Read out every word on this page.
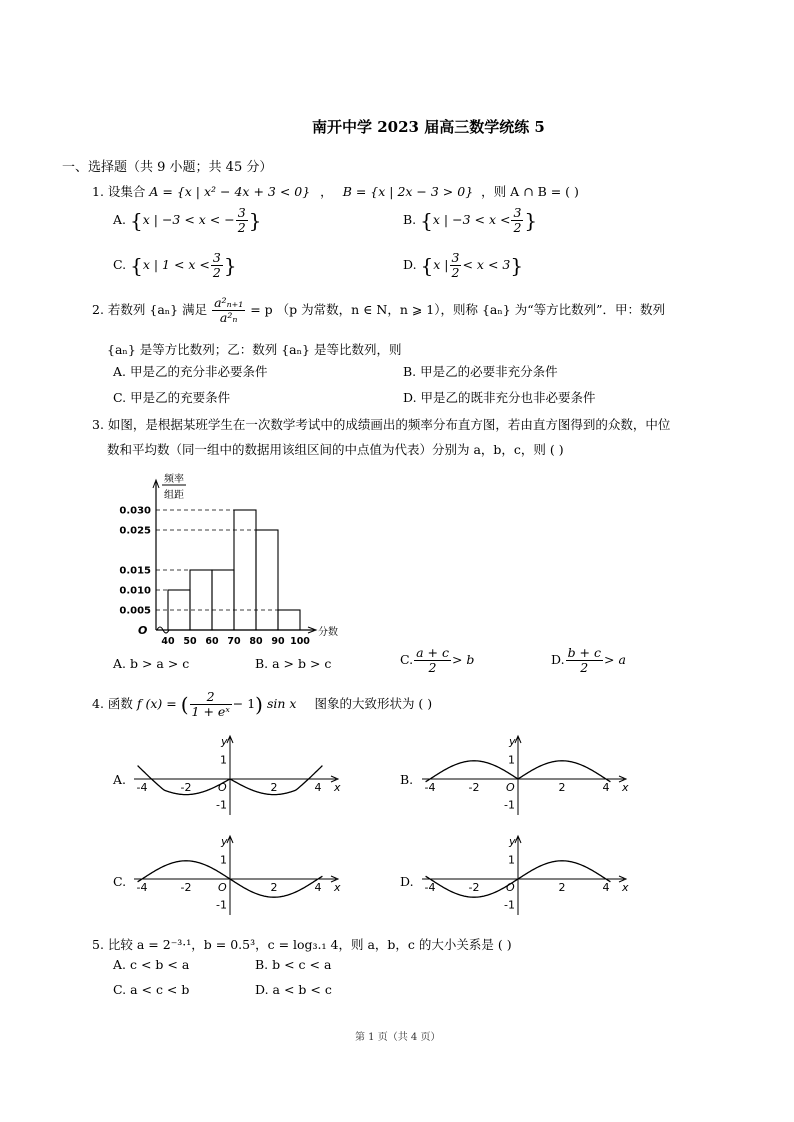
南开中学 2023 届高三数学统练 5
一、选择题（共 9 小题；共 45 分）
1. 设集合 A = {x | x² − 4x + 3 < 0} ， B = {x | 2x − 3 > 0} ，则 A ∩ B = ( )
A. {x | −3 < x < − $\frac{3}{2}$ }	B. {x | $-3 < x < \frac{3}{2}$ }
C. {x | $1 < x < \frac{3}{2}$ }	D. {x | $\frac{3}{2} < x < 3$}
2. 若数列 {aₙ} 满足 $\frac{\text{a²ₙ₊₁}}{\text{a²ₙ}} = p$ （p 为常数，n ∈ N，n ⩾ 1），则称 {aₙ} 为“等方比数列”．甲：数列
{aₙ} 是等方比数列；乙：数列 {aₙ} 是等比数列，则
A. 甲是乙的充分非必要条件	B. 甲是乙的必要非充分条件
C. 甲是乙的充要条件	D. 甲是乙的既非充分也非必要条件
3. 如图，是根据某班学生在一次数学考试中的成绩画出的频率分布直方图，若由直方图得到的众数，中位
数和平均数（同一组中的数据用该组区间的中点值为代表）分别为 a，b，c，则 ( )
频率
组距
O
0.005
0.010
0.015
0.025
0.030
40 50 60 70 80 90 100
分数
A. b > a > c	B. a > b > c	C. $\frac{a + c}{2} > b$	D. $\frac{b + c}{2} > a$
4. 函数 f (x) = ( $\frac{2}{\text{1 + eˣ}} - 1$) sin x 图象的大致形状为 ( )
A.
y
x
O
1
-1
-4	-2	2	4
B.
y
x
O
1
-1
-4	-2	2	4
C.
y
x
O
1
-1
-4	-2	2	4	D.
y
x
O
1
-1
-4	-2	2	4
5. 比较 a = 2⁻³·¹，b = 0.5³，c = log₃.₁ 4，则 a，b，c 的大小关系是 ( )
A. c < b < a	B. b < c < a
C. a < c < b	D. a < b < c
第 1 页（共 4 页）
